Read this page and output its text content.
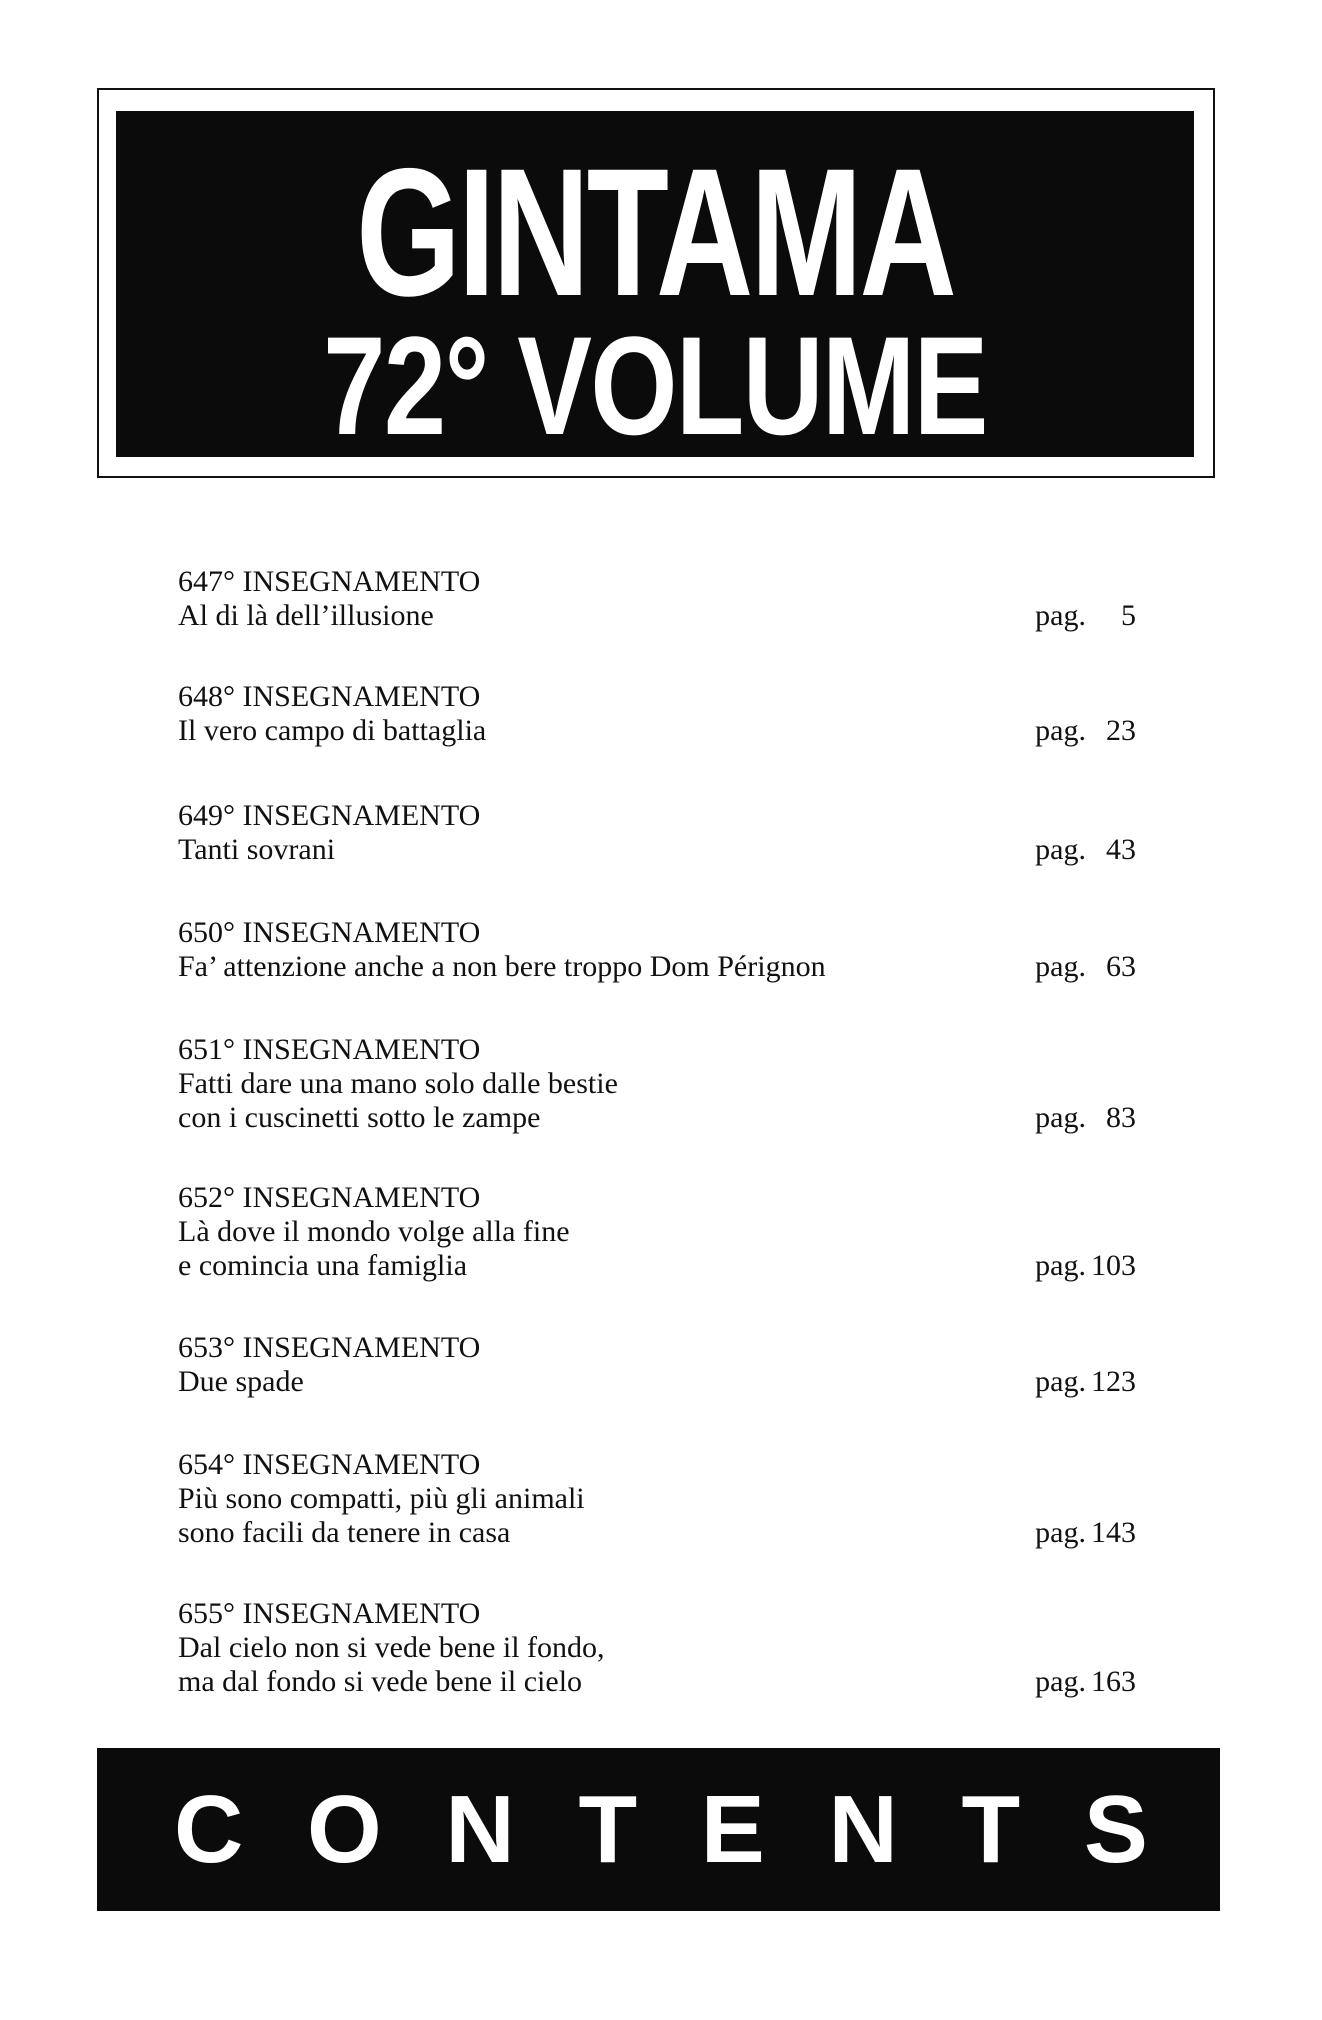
GINTAMA
72° VOLUME
647° INSEGNAMENTO
Al di là dell’illusione	pag. 5
648° INSEGNAMENTO
Il vero campo di battaglia	pag. 23
649° INSEGNAMENTO
Tanti sovrani	pag. 43
650° INSEGNAMENTO
Fa’ attenzione anche a non bere troppo Dom Pérignon	pag. 63
651° INSEGNAMENTO
Fatti dare una mano solo dalle bestie
con i cuscinetti sotto le zampe	pag. 83
652° INSEGNAMENTO
Là dove il mondo volge alla fine
e comincia una famiglia	pag. 103
653° INSEGNAMENTO
Due spade	pag. 123
654° INSEGNAMENTO
Più sono compatti, più gli animali
sono facili da tenere in casa	pag. 143
655° INSEGNAMENTO
Dal cielo non si vede bene il fondo,
ma dal fondo si vede bene il cielo	pag. 163
C O N T E N T S
